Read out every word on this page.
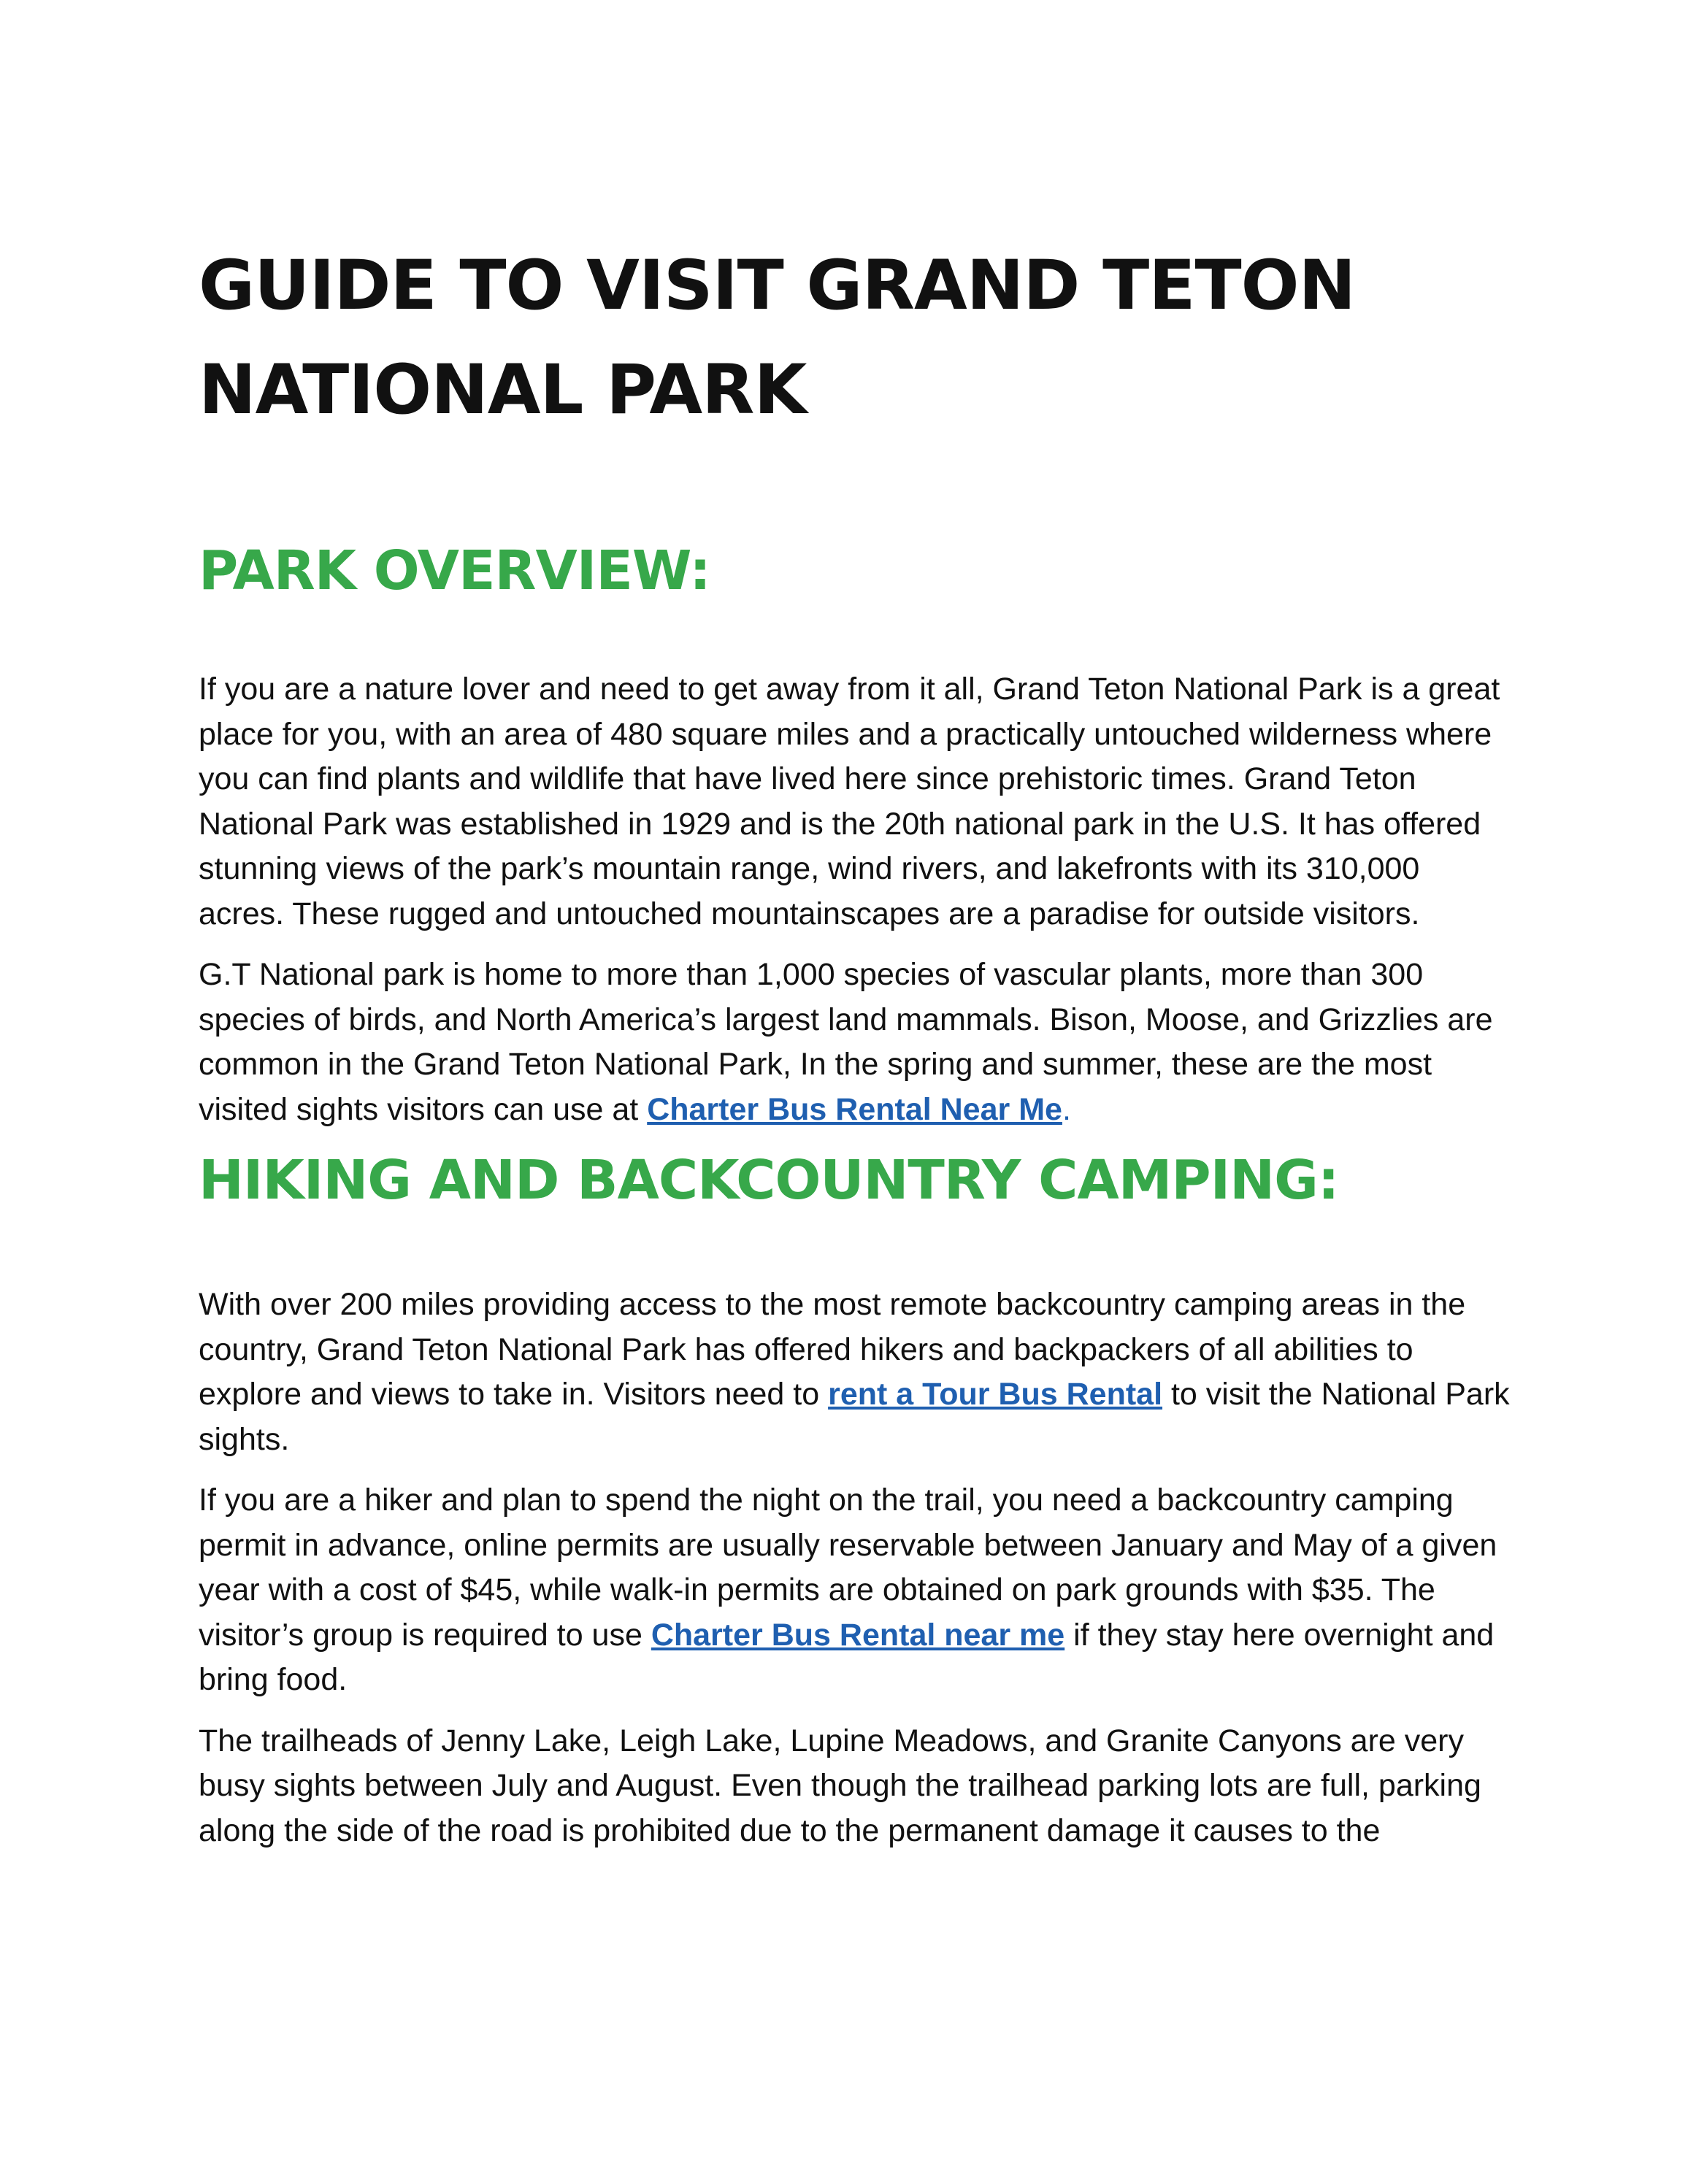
GUIDE TO VISIT GRAND TETON NATIONAL PARK
PARK OVERVIEW:

If you are a nature lover and need to get away from it all, Grand Teton National Park is a great place for you, with an area of 480 square miles and a practically untouched wilderness where you can find plants and wildlife that have lived here since prehistoric times. Grand Teton National Park was established in 1929 and is the 20th national park in the U.S. It has offered stunning views of the park’s mountain range, wind rivers, and lakefronts with its 310,000 acres. These rugged and untouched mountainscapes are a paradise for outside visitors.

G.T National park is home to more than 1,000 species of vascular plants, more than 300 species of birds, and North America’s largest land mammals. Bison, Moose, and Grizzlies are common in the Grand Teton National Park, In the spring and summer, these are the most visited sights visitors can use at Charter Bus Rental Near Me.

HIKING AND BACKCOUNTRY CAMPING:

With over 200 miles providing access to the most remote backcountry camping areas in the country, Grand Teton National Park has offered hikers and backpackers of all abilities to explore and views to take in. Visitors need to rent a Tour Bus Rental to visit the National Park sights.

If you are a hiker and plan to spend the night on the trail, you need a backcountry camping permit in advance, online permits are usually reservable between January and May of a given year with a cost of $45, while walk-in permits are obtained on park grounds with $35. The visitor’s group is required to use Charter Bus Rental near me if they stay here overnight and bring food.

The trailheads of Jenny Lake, Leigh Lake, Lupine Meadows, and Granite Canyons are very busy sights between July and August. Even though the trailhead parking lots are full, parking along the side of the road is prohibited due to the permanent damage it causes to the
